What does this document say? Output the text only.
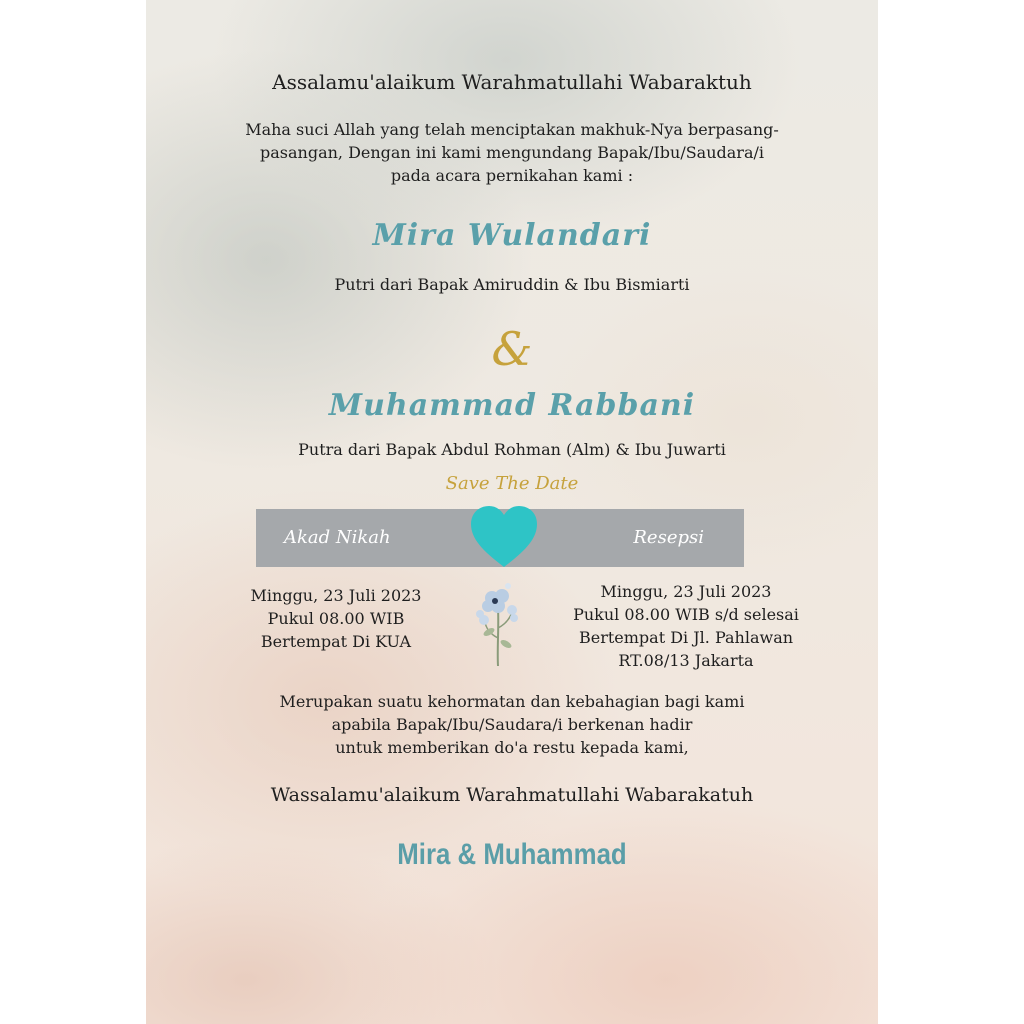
Assalamu'alaikum Warahmatullahi Wabaraktuh
Maha suci Allah yang telah menciptakan makhuk-Nya berpasang-
pasangan, Dengan ini kami mengundang Bapak/Ibu/Saudara/i
pada acara pernikahan kami :
Mira Wulandari
Putri dari Bapak Amiruddin & Ibu Bismiarti
&
Muhammad Rabbani
Putra dari Bapak Abdul Rohman (Alm) & Ibu Juwarti
Save The Date
Akad Nikah	Resepsi
Minggu, 23 Juli 2023
Pukul 08.00 WIB
Bertempat Di KUA
Minggu, 23 Juli 2023
Pukul 08.00 WIB s/d selesai
Bertempat Di Jl. Pahlawan
RT.08/13 Jakarta
Merupakan suatu kehormatan dan kebahagian bagi kami
apabila Bapak/Ibu/Saudara/i berkenan hadir
untuk memberikan do'a restu kepada kami,
Wassalamu'alaikum Warahmatullahi Wabarakatuh
Mira & Muhammad
